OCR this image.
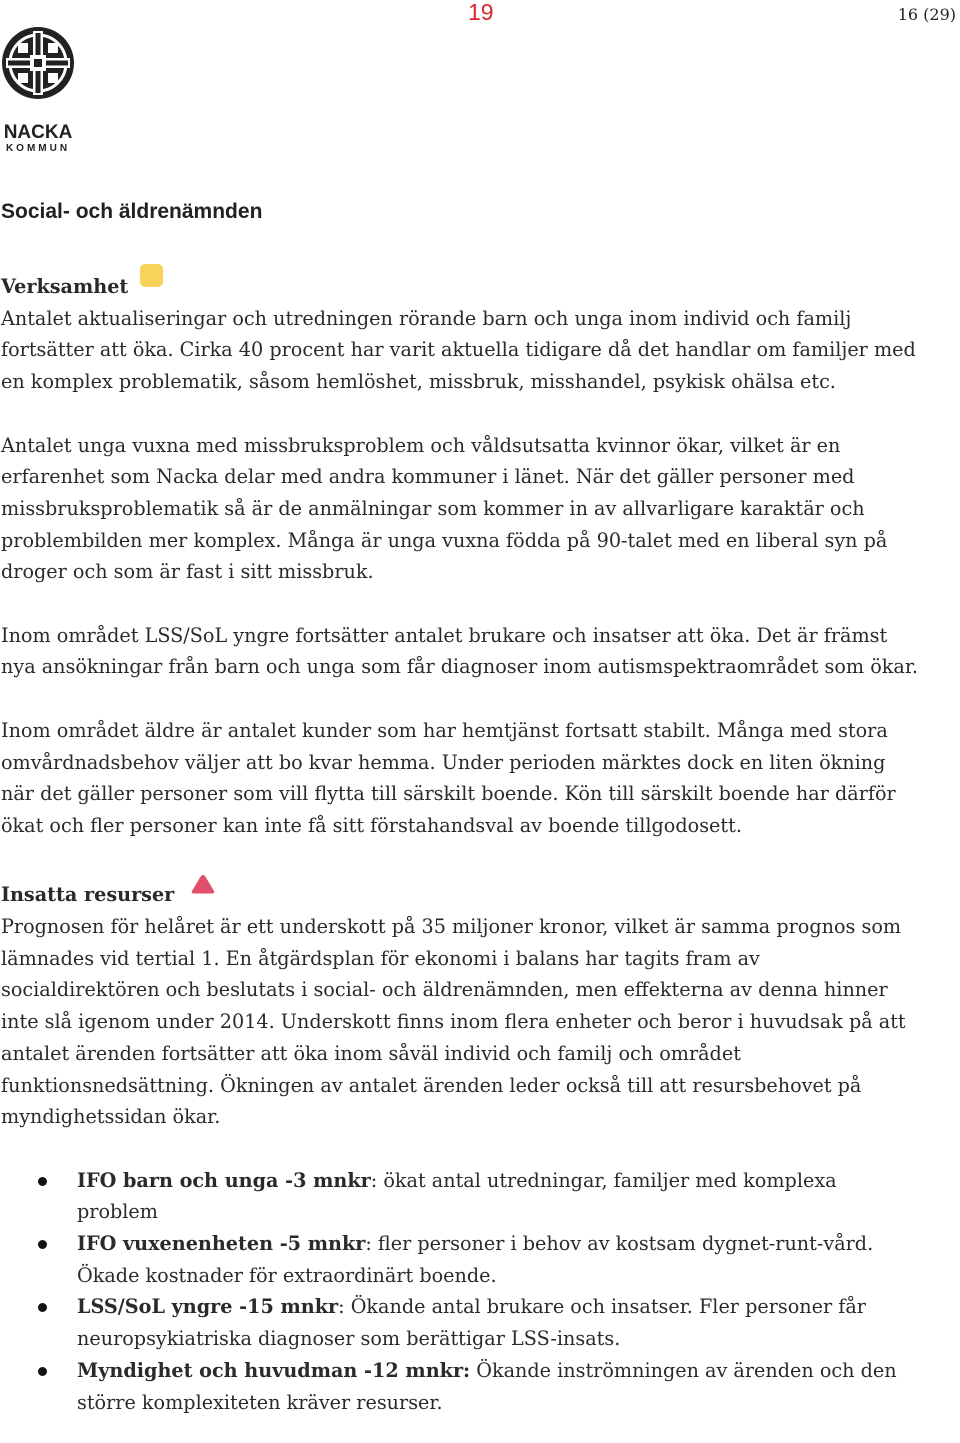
19	16 (29)
NACKA
KOMMUN
Social- och äldrenämnden
Verksamhet

Antalet aktualiseringar och utredningen rörande barn och unga inom individ och familj fortsätter att öka. Cirka 40 procent har varit aktuella tidigare då det handlar om familjer med en komplex problematik, såsom hemlöshet, missbruk, misshandel, psykisk ohälsa etc.

Antalet unga vuxna med missbruksproblem och våldsutsatta kvinnor ökar, vilket är en erfarenhet som Nacka delar med andra kommuner i länet. När det gäller personer med missbruksproblematik så är de anmälningar som kommer in av allvarligare karaktär och problembilden mer komplex. Många är unga vuxna födda på 90-talet med en liberal syn på droger och som är fast i sitt missbruk.

Inom området LSS/SoL yngre fortsätter antalet brukare och insatser att öka. Det är främst nya ansökningar från barn och unga som får diagnoser inom autismspektraområdet som ökar.

Inom området äldre är antalet kunder som har hemtjänst fortsatt stabilt. Många med stora omvårdnadsbehov väljer att bo kvar hemma. Under perioden märktes dock en liten ökning när det gäller personer som vill flytta till särskilt boende. Kön till särskilt boende har därför ökat och fler personer kan inte få sitt förstahandsval av boende tillgodosett.

Insatta resurser

Prognosen för helåret är ett underskott på 35 miljoner kronor, vilket är samma prognos som lämnades vid tertial 1. En åtgärdsplan för ekonomi i balans har tagits fram av socialdirektören och beslutats i social- och äldrenämnden, men effekterna av denna hinner inte slå igenom under 2014. Underskott finns inom flera enheter och beror i huvudsak på att antalet ärenden fortsätter att öka inom såväl individ och familj och området funktionsnedsättning. Ökningen av antalet ärenden leder också till att resursbehovet på myndighetssidan ökar.

IFO barn och unga -3 mnkr: ökat antal utredningar, familjer med komplexa problem
IFO vuxenenheten -5 mnkr: fler personer i behov av kostsam dygnet-runt-vård. Ökade kostnader för extraordinärt boende.
LSS/SoL yngre -15 mnkr: Ökande antal brukare och insatser. Fler personer får neuropsykiatriska diagnoser som berättigar LSS-insats.
Myndighet och huvudman -12 mnkr: Ökande inströmningen av ärenden och den större komplexiteten kräver resurser.
